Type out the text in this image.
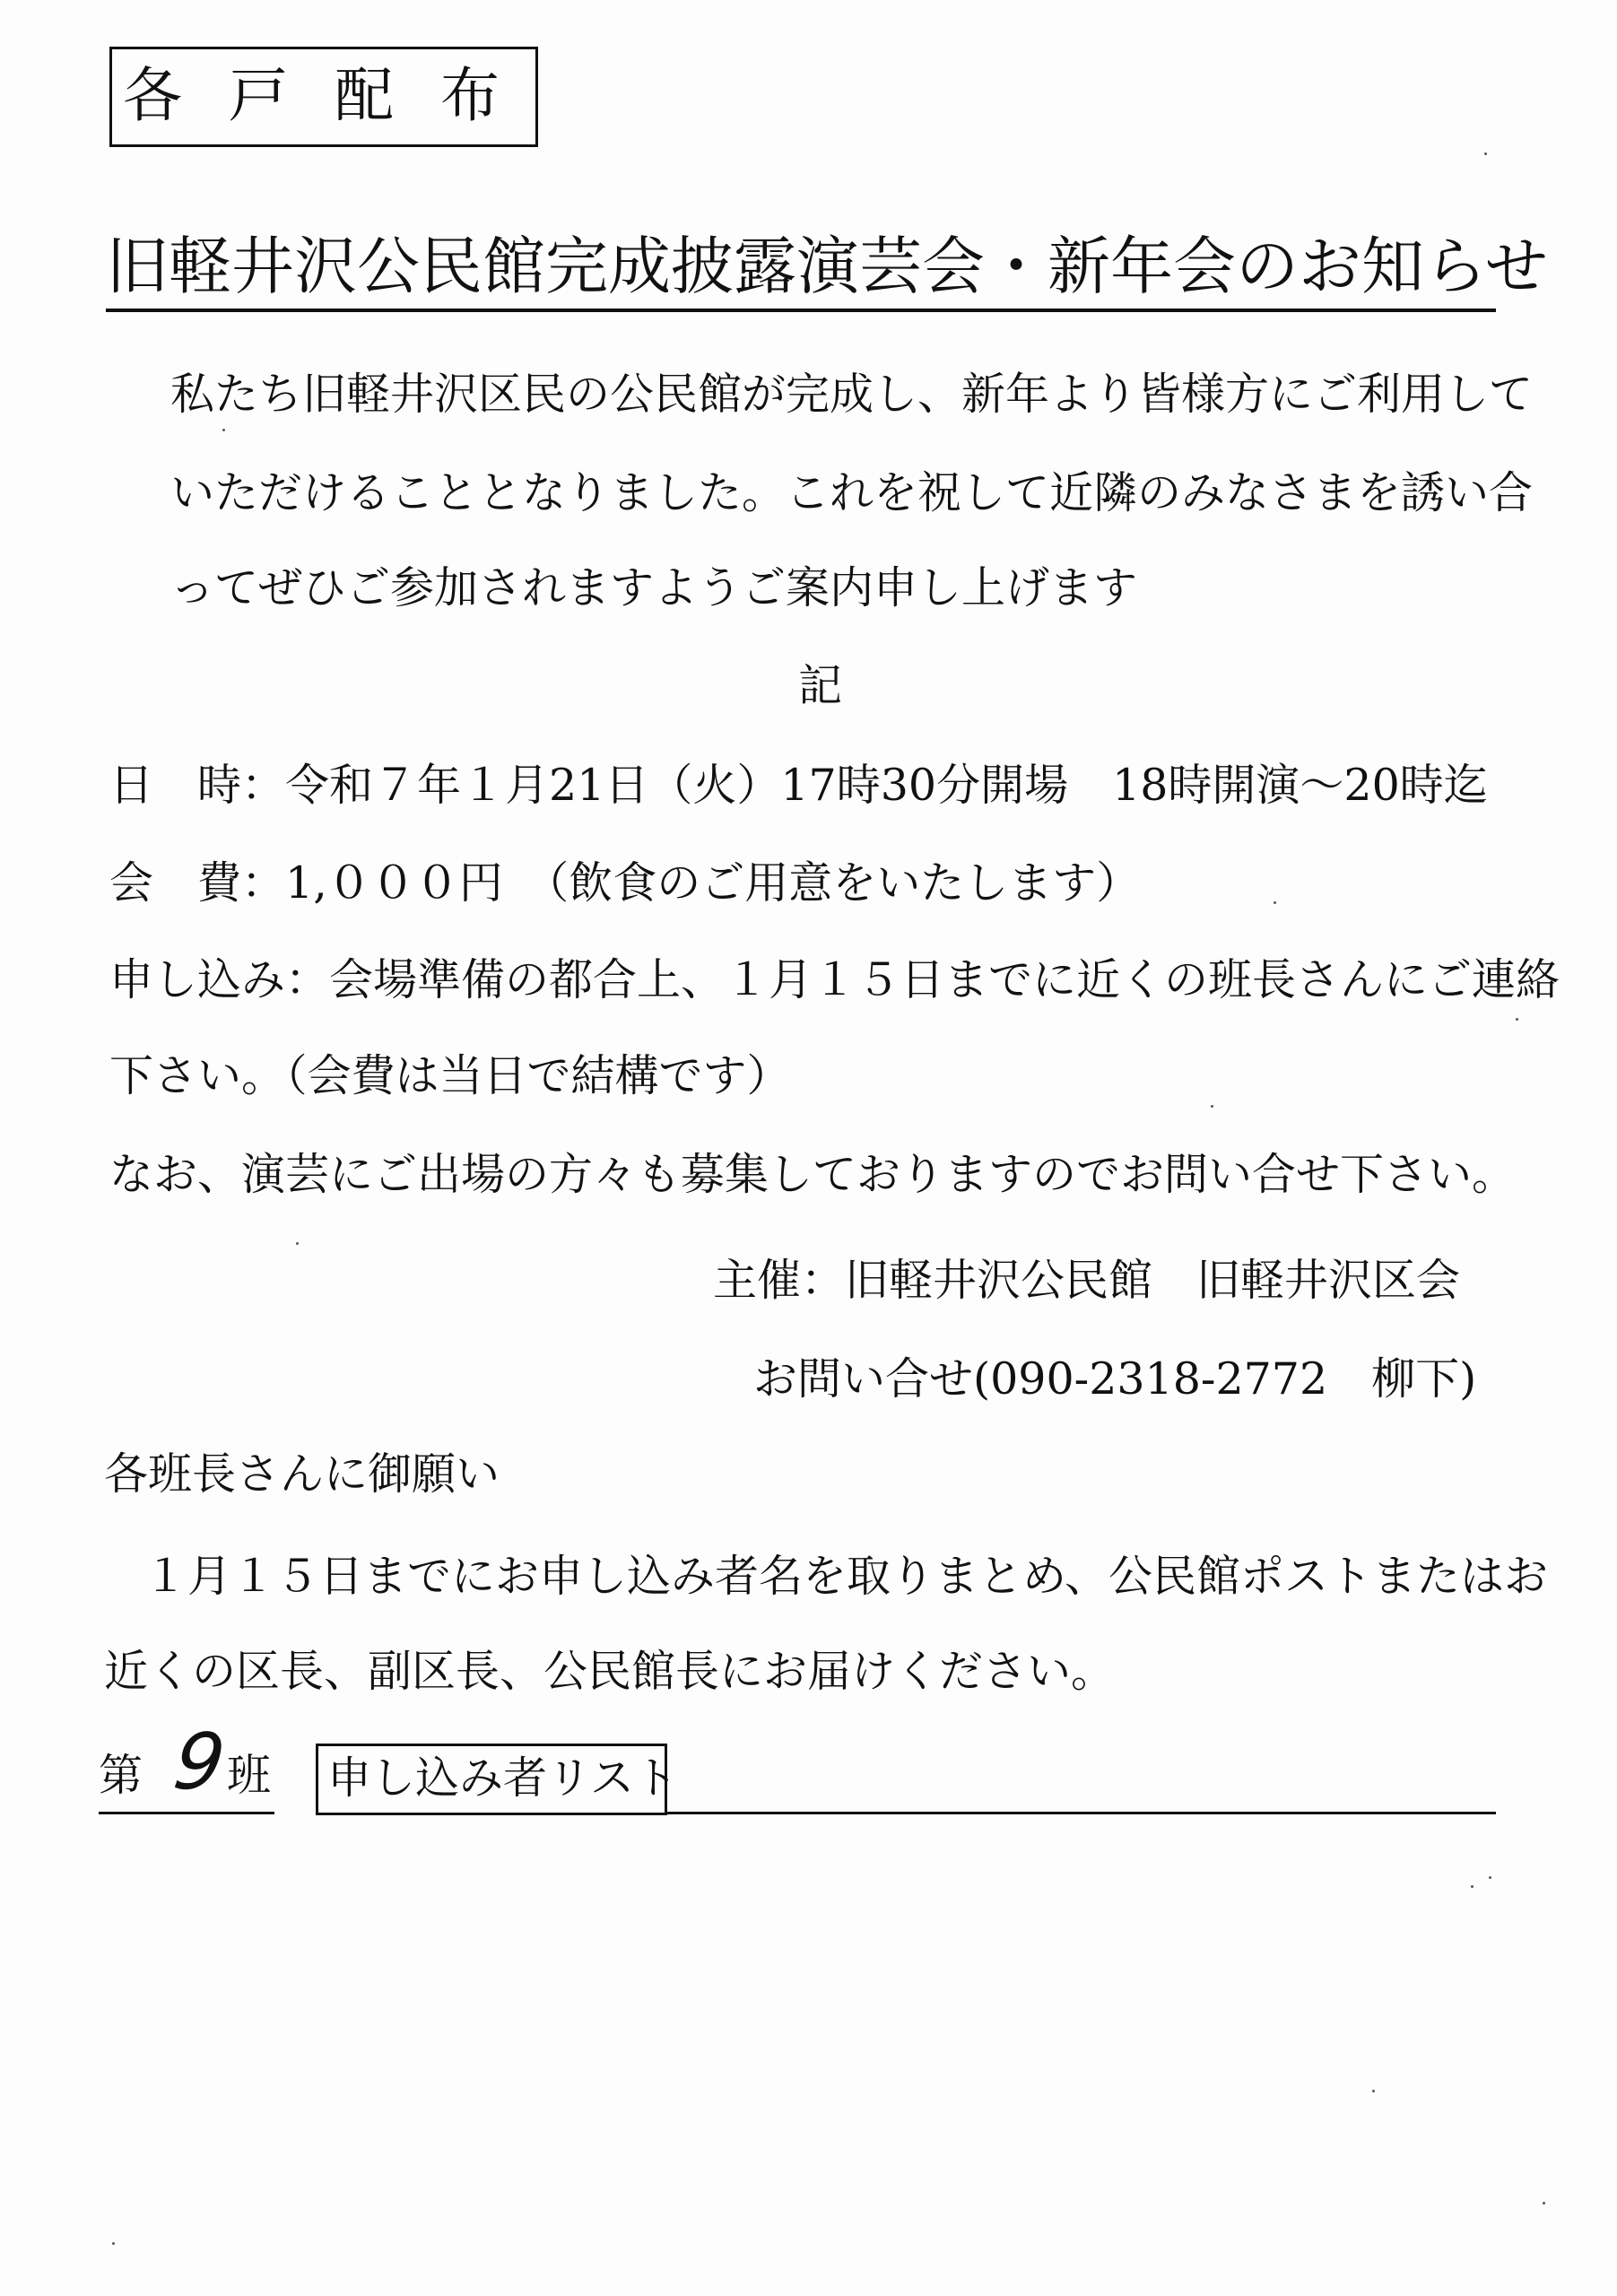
各戸配布
旧軽井沢公民館完成披露演芸会・新年会のお知らせ
私たち旧軽井沢区民の公民館が完成し、新年より皆様方にご利用して
いただけることとなりました。これを祝して近隣のみなさまを誘い合
ってぜひご参加されますようご案内申し上げます
記
日　時：令和７年１月21日（火）17時30分開場　18時開演～20時迄
会　費：1,０００円　（飲食のご用意をいたします）
申し込み：会場準備の都合上、１月１５日までに近くの班長さんにご連絡
下さい。（会費は当日で結構です）
なお、演芸にご出場の方々も募集しておりますのでお問い合せ下さい。
主催：旧軽井沢公民館　旧軽井沢区会
お問い合せ(090-2318-2772　柳下)
各班長さんに御願い
１月１５日までにお申し込み者名を取りまとめ、公民館ポストまたはお
近くの区長、副区長、公民館長にお届けください。
第 9
班 申し込み者リスト
